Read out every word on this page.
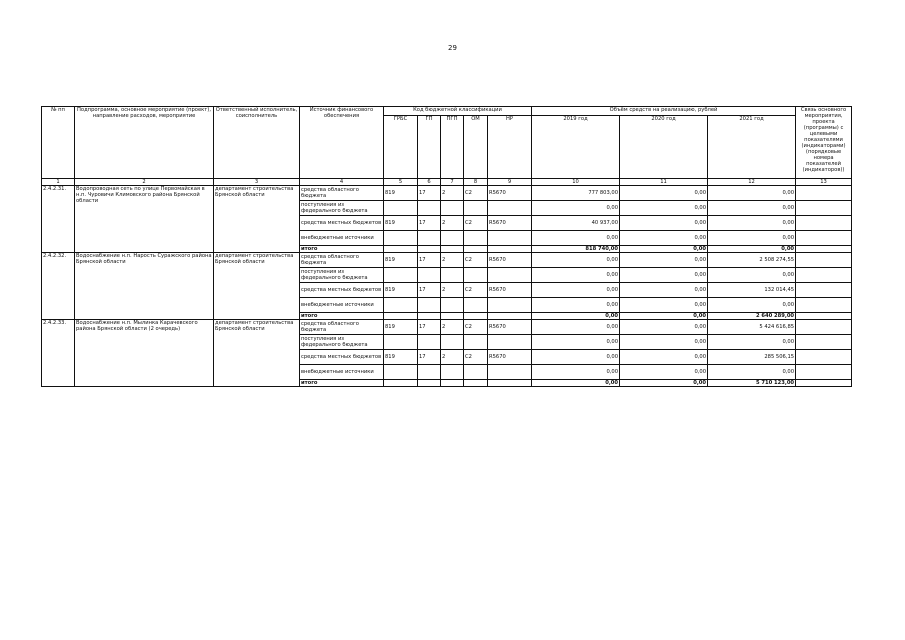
29
№ пп	Подпрограмма, основное мероприятие (проект), направление расходов, мероприятие	Ответственный исполнитель, соисполнитель	Источник финансового обеспечения	Код бюджетной классификации					Объём средств на реализацию, рублей			Связь основного мероприятия, проекта (программы) с целевыми показателями (индикаторами) (порядковые номера показателей (индикаторов))
				ГРБС	ГП	ПГП	ОМ	НР	2019 год	2020 год	2021 год	
1	2	3	4	5	6	7	8	9	10	11	12	13
2.4.2.31.	Водопроводная сеть по улице Первомайская в н.п. Чуровичи Климовского района Брянской области	департамент строительства Брянской области	средства областного бюджета	819	17	2	С2	R5670	777 803,00	0,00	0,00	
			поступления из федерального бюджета						0,00	0,00	0,00	
			средства местных бюджетов	819	17	2	С2	R5670	40 937,00	0,00	0,00	
			внебюджетные источники						0,00	0,00	0,00	
			итого						818 740,00	0,00	0,00	
2.4.2.32.	Водоснабжение н.п. Нарость Суражского района Брянской области	департамент строительства Брянской области	средства областного бюджета	819	17	2	С2	R5670	0,00	0,00	2 508 274,55	
			поступления из федерального бюджета						0,00	0,00	0,00	
			средства местных бюджетов	819	17	2	С2	R5670	0,00	0,00	132 014,45	
			внебюджетные источники						0,00	0,00	0,00	
			итого						0,00	0,00	2 640 289,00	
2.4.2.33.	Водоснабжение н.п. Мылинка Карачевского района Брянской области (2 очередь)	департамент строительства Брянской области	средства областного бюджета	819	17	2	С2	R5670	0,00	0,00	5 424 616,85	
			поступления из федерального бюджета						0,00	0,00	0,00	
			средства местных бюджетов	819	17	2	С2	R5670	0,00	0,00	285 506,15	
			внебюджетные источники						0,00	0,00	0,00	
			итого						0,00	0,00	5 710 123,00	
